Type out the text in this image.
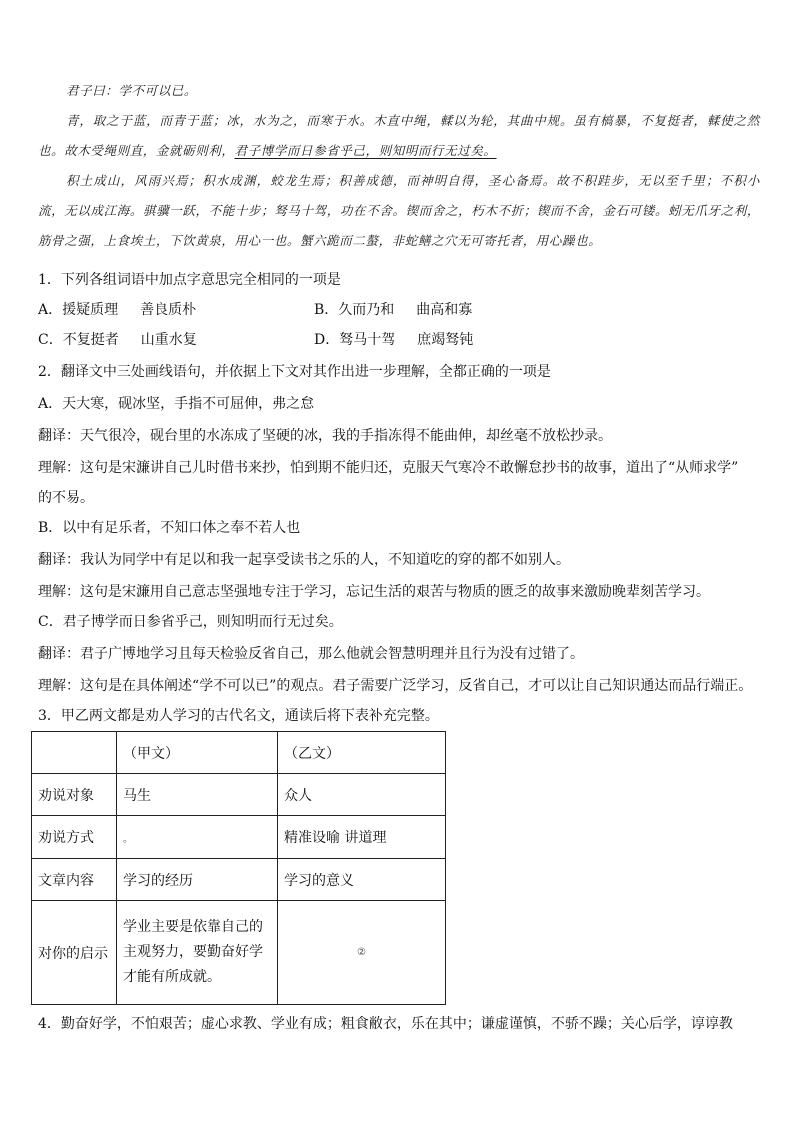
君子曰：学不可以已。

青，取之于蓝，而青于蓝；冰，水为之，而寒于水。木直中绳，輮以为轮，其曲中规。虽有槁暴，不复挺者，輮使之然也。故木受绳则直，金就砺则利，君子博学而日参省乎己，则知明而行无过矣。

积土成山，风雨兴焉；积水成渊，蛟龙生焉；积善成德，而神明自得，圣心备焉。故不积跬步，无以至千里；不积小流，无以成江海。骐骥一跃，不能十步；驽马十驾，功在不舍。锲而舍之，朽木不折；锲而不舍，金石可镂。蚓无爪牙之利，筋骨之强，上食埃土，下饮黄泉，用心一也。蟹六跪而二螯，非蛇鳝之穴无可寄托者，用心躁也。

1．下列各组词语中加点字意思完全相同的一项是
A．援疑质理 善良质朴	B．久而乃和 曲高和寡
C．不复挺者 山重水复	D．驽马十驾 庶竭驽钝
2．翻译文中三处画线语句，并依据上下文对其作出进一步理解，全都正确的一项是
A．天大寒，砚冰坚，手指不可屈伸，弗之怠
翻译：天气很冷，砚台里的水冻成了坚硬的冰，我的手指冻得不能曲伸，却丝毫不放松抄录。
理解：这句是宋濂讲自己儿时借书来抄，怕到期不能归还，克服天气寒冷不敢懈怠抄书的故事，道出了“从师求学”
的不易。
B．以中有足乐者，不知口体之奉不若人也
翻译：我认为同学中有足以和我一起享受读书之乐的人，不知道吃的穿的都不如别人。
理解：这句是宋濂用自己意志坚强地专注于学习，忘记生活的艰苦与物质的匮乏的故事来激励晚辈刻苦学习。
C．君子博学而日参省乎己，则知明而行无过矣。
翻译：君子广博地学习且每天检验反省自己，那么他就会智慧明理并且行为没有过错了。
理解：这句是在具体阐述“学不可以已”的观点。君子需要广泛学习，反省自己，才可以让自己知识通达而品行端正。
3．甲乙两文都是劝人学习的古代名文，通读后将下表补充完整。
	（甲文）	（乙文）
劝说对象	马生	众人
劝说方式	。	精准设喻 讲道理
文章内容	学习的经历	学习的意义
对你的启示	学业主要是依靠自己的主观努力，要勤奋好学才能有所成就。	②
4．勤奋好学，不怕艰苦；虚心求教、学业有成；粗食敝衣，乐在其中；谦虚谨慎，不骄不躁；关心后学，谆谆教
